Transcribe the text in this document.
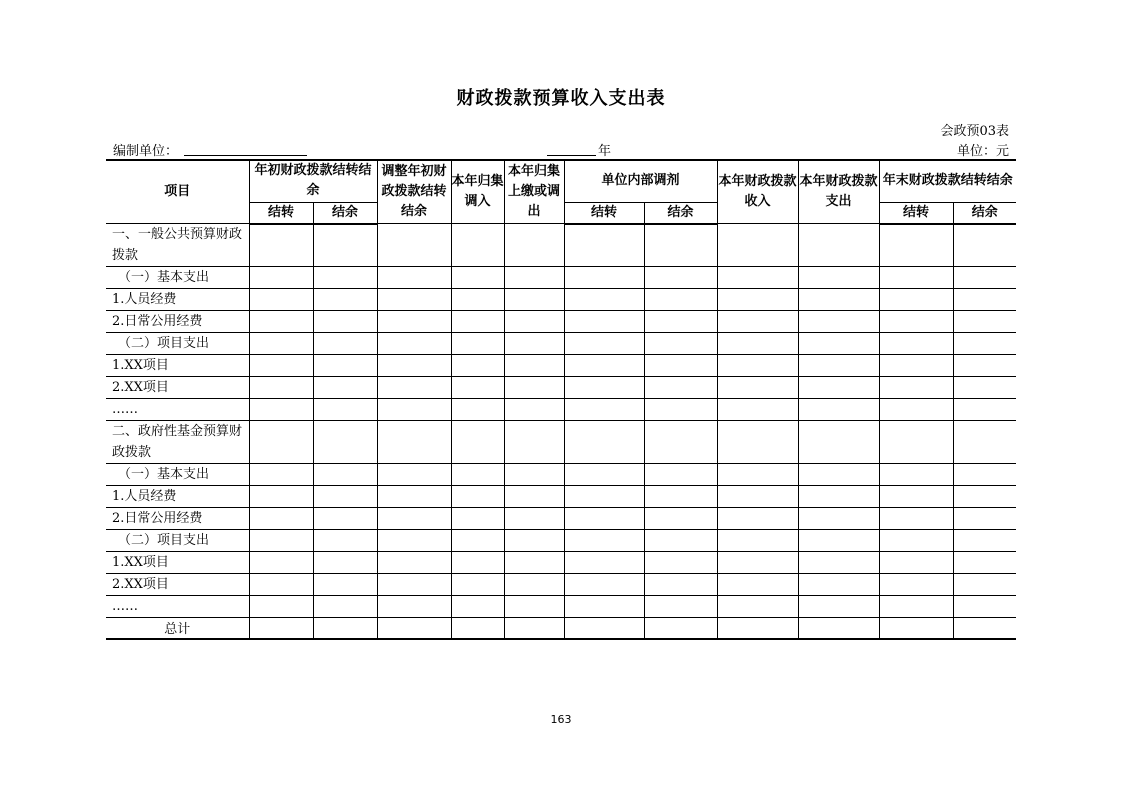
财政拨款预算收入支出表
会政预03表
编制单位：	年	单位：元
项目	年初财政拨款结转结余		调整年初财政拨款结转结余	本年归集调入	本年归集上缴或调出	单位内部调剂		本年财政拨款收入	本年财政拨款支出	年末财政拨款结转结余	
	结转	结余				结转	结余			结转	结余
一、一般公共预算财政拨款											
（一）基本支出											
1.人员经费											
2.日常公用经费											
（二）项目支出											
1.XX项目											
2.XX项目											
……											
二、政府性基金预算财政拨款											
（一）基本支出											
1.人员经费											
2.日常公用经费											
（二）项目支出											
1.XX项目											
2.XX项目											
……											
总计											
163
